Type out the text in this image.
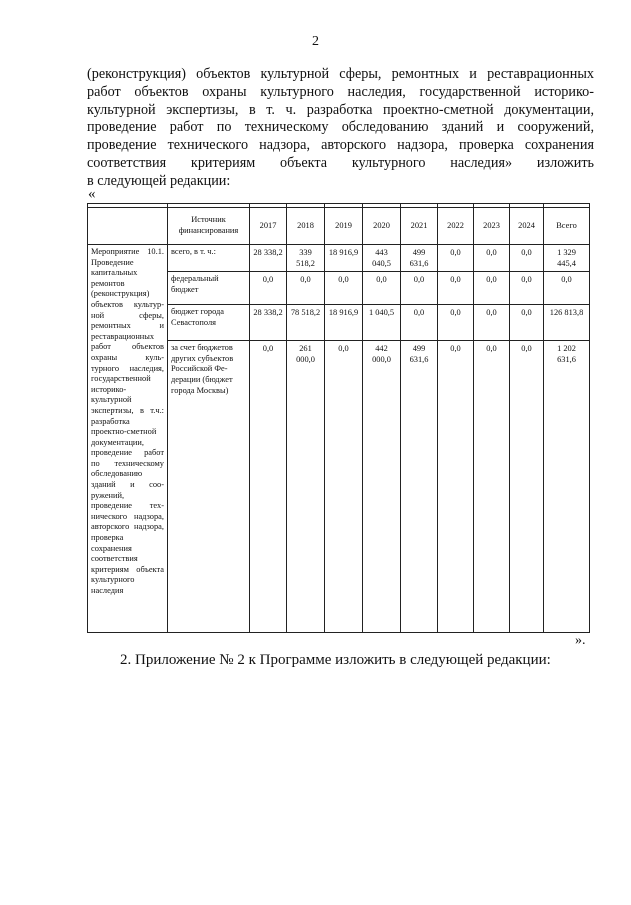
2
(реконструкция) объектов культурной сферы, ремонтных и реставрационных
работ объектов охраны культурного наследия, государственной историко-
культурной экспертизы, в т. ч. разработка проектно-сметной документации,
проведение работ по техническому обследованию зданий и сооружений,
проведение технического надзора, авторского надзора, проверка сохранения
соответствия критериям объекта культурного наследия» изложить
в следующей редакции:
«

	Источник финансирования	2017	2018	2019	2020	2021	2022	2023	2024	Всего
Мероприятие 10.1. Проведение капитальных ремонтов (реконструкция) объектов культур-ной сферы, ремонтных и реставрационных работ объектов охраны куль-турного наследия, государственной историко-культурной экспертизы, в т.ч.: разработка проектно-сметной документации, проведение работ по техническому обследованию зданий и соо-ружений, проведение тех-нического надзора, авторского надзора, проверка сохранения соответствия критериям объекта культурного наследия	всего, в т. ч.:	28 338,2	339 518,2	18 916,9	443 040,5	499 631,6	0,0	0,0	0,0	1 329 445,4
	федеральный бюджет	0,0	0,0	0,0	0,0	0,0	0,0	0,0	0,0	0,0
	бюджет города Севастополя	28 338,2	78 518,2	18 916,9	1 040,5	0,0	0,0	0,0	0,0	126 813,8
	за счет бюджетов других субъектов Российской Фе-дерации (бюджет города Москвы)	0,0	261 000,0	0,0	442 000,0	499 631,6	0,0	0,0	0,0	1 202 631,6
».
2. Приложение № 2 к Программе изложить в следующей редакции:
